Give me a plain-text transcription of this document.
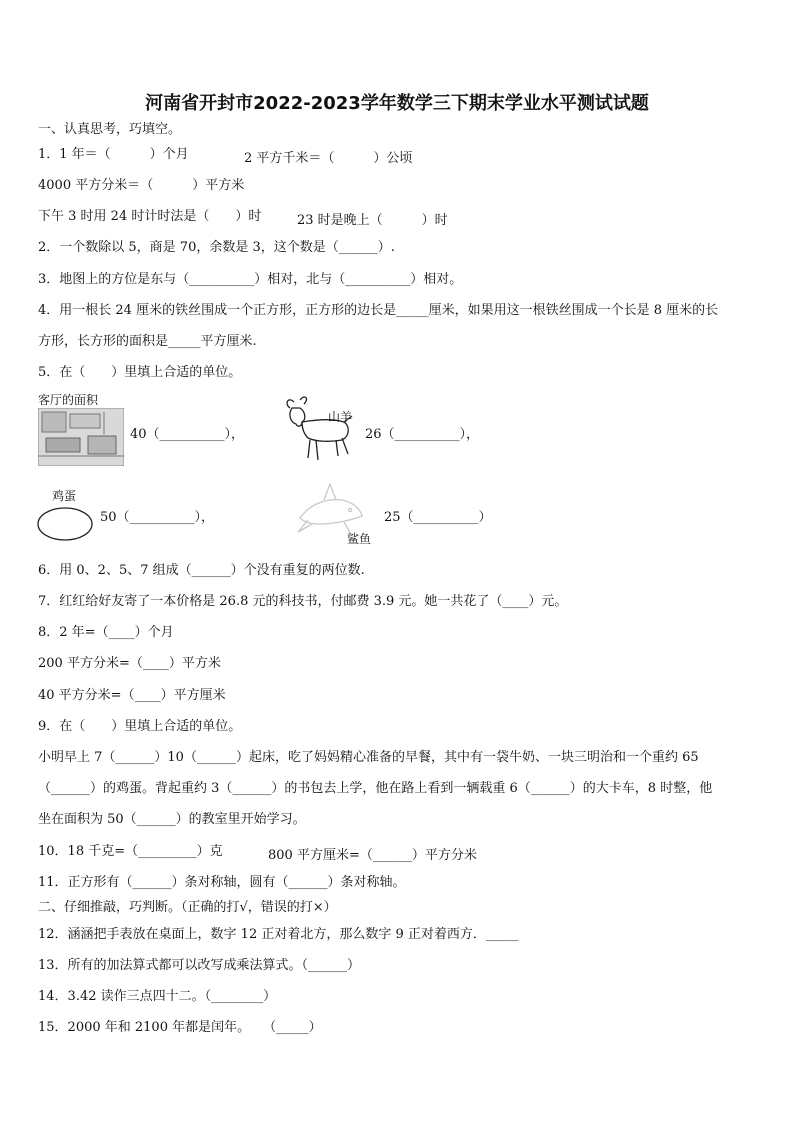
河南省开封市2022-2023学年数学三下期末学业水平测试试题
一、认真思考，巧填空。
1．1 年＝（　　　）个月	2 平方千米＝（　　　）公顷
4000 平方分米＝（　　　）平方米
下午 3 时用 24 时计时法是（　　）时	23 时是晚上（　　　）时
2．一个数除以 5，商是 70，余数是 3，这个数是（______）.
3．地图上的方位是东与（__________）相对，北与（__________）相对。
4．用一根长 24 厘米的铁丝围成一个正方形，正方形的边长是_____厘米，如果用这一根铁丝围成一个长是 8 厘米的长
方形，长方形的面积是_____平方厘米.
5．在（　　）里填上合适的单位。
客厅的面积
40（__________），
山羊
26（__________），
鸡蛋
50（__________），	25（__________）
鲨鱼
6．用 0、2、5、7 组成（______）个没有重复的两位数.
7．红红给好友寄了一本价格是 26.8 元的科技书，付邮费 3.9 元。她一共花了（____）元。
8．2 年=（____）个月
200 平方分米=（____）平方米
40 平方分米=（____）平方厘米
9．在（　　）里填上合适的单位。
小明早上 7（______）10（______）起床，吃了妈妈精心准备的早餐，其中有一袋牛奶、一块三明治和一个重约 65
（______）的鸡蛋。背起重约 3（______）的书包去上学，他在路上看到一辆载重 6（______）的大卡车，8 时整，他
坐在面积为 50（______）的教室里开始学习。
10．18 千克=（_________）克	800 平方厘米=（______）平方分米
11．正方形有（______）条对称轴，圆有（______）条对称轴。
二、仔细推敲，巧判断。（正确的打√，错误的打×）
12．涵涵把手表放在桌面上，数字 12 正对着北方，那么数字 9 正对着西方．_____
13．所有的加法算式都可以改写成乘法算式。（______）
14．3.42 读作三点四十二。（________）
15．2000 年和 2100 年都是闰年。　　（_____）
